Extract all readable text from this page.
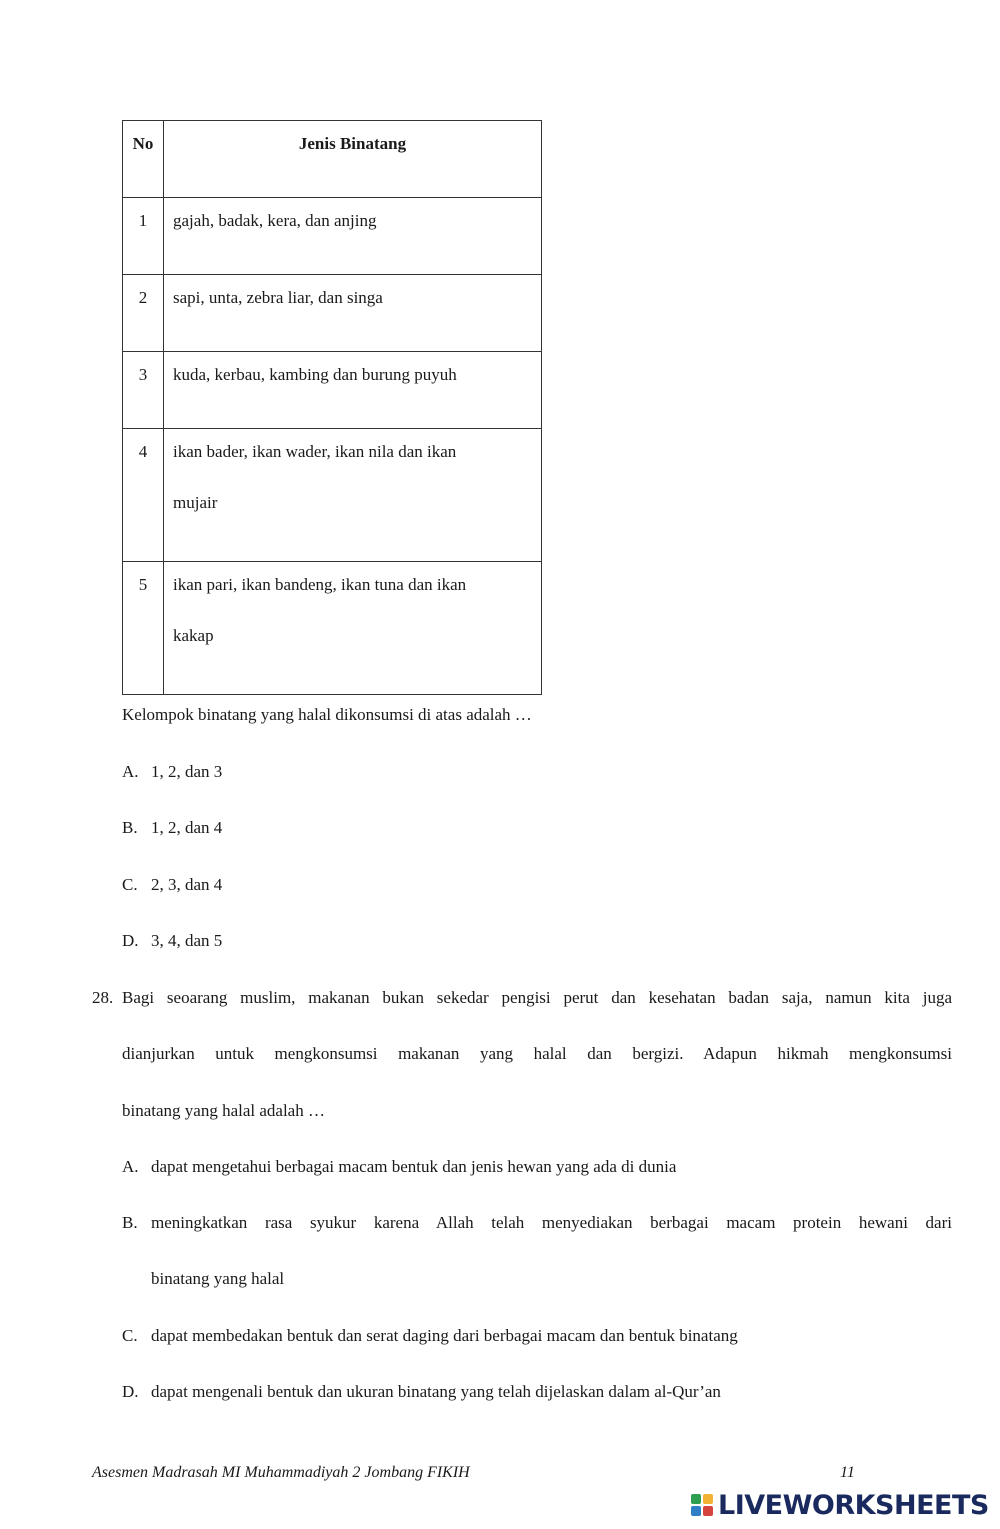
No	Jenis Binatang
1	gajah, badak, kera, dan anjing
2	sapi, unta, zebra liar, dan singa
3	kuda, kerbau, kambing dan burung puyuh
4	ikan bader, ikan wader, ikan nila dan ikan
mujair

5	ikan pari, ikan bandeng, ikan tuna dan ikan
kakap
Kelompok binatang yang halal dikonsumsi di atas adalah …
A. 1, 2, dan 3
B. 1, 2, dan 4
C. 2, 3, dan 4
D. 3, 4, dan 5
28. Bagi seoarang muslim, makanan bukan sekedar pengisi perut dan kesehatan badan saja, namun kita juga
dianjurkan untuk mengkonsumsi makanan yang halal dan bergizi. Adapun hikmah mengkonsumsi
binatang yang halal adalah …
A. dapat mengetahui berbagai macam bentuk dan jenis hewan yang ada di dunia
B. meningkatkan rasa syukur karena Allah telah menyediakan berbagai macam protein hewani dari
binatang yang halal
C. dapat membedakan bentuk dan serat daging dari berbagai macam dan bentuk binatang
D. dapat mengenali bentuk dan ukuran binatang yang telah dijelaskan dalam al-Qur’an
Asesmen Madrasah MI Muhammadiyah 2 Jombang FIKIH	11
LIVEWORKSHEETS
